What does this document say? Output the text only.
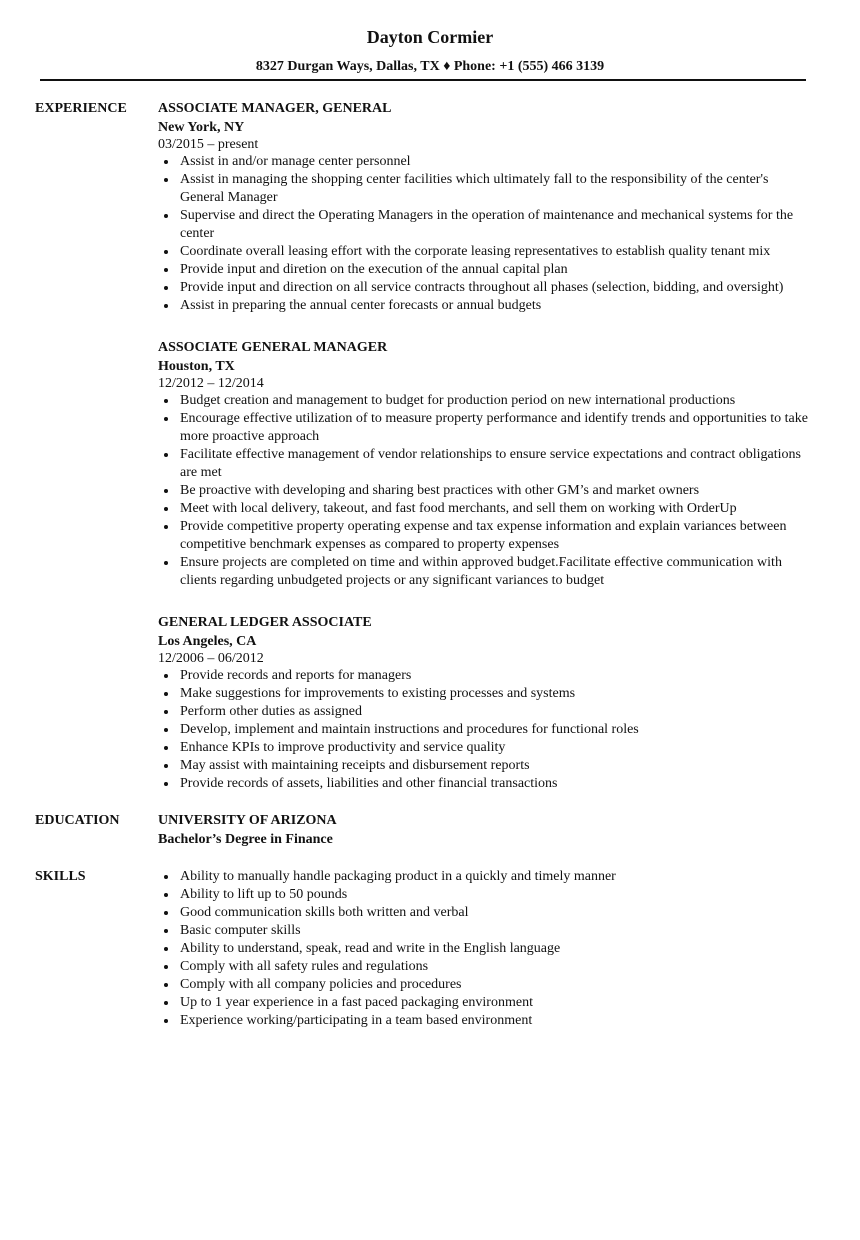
Dayton Cormier
8327 Durgan Ways, Dallas, TX ♦ Phone: +1 (555) 466 3139
EXPERIENCE ASSOCIATE MANAGER, GENERAL
New York, NY
03/2015 – present
Assist in and/or manage center personnel
Assist in managing the shopping center facilities which ultimately fall to the responsibility of the center's General Manager
Supervise and direct the Operating Managers in the operation of maintenance and mechanical systems for the center
Coordinate overall leasing effort with the corporate leasing representatives to establish quality tenant mix
Provide input and diretion on the execution of the annual capital plan
Provide input and direction on all service contracts throughout all phases (selection, bidding, and oversight)
Assist in preparing the annual center forecasts or annual budgets
ASSOCIATE GENERAL MANAGER
Houston, TX
12/2012 – 12/2014
Budget creation and management to budget for production period on new international productions
Encourage effective utilization of to measure property performance and identify trends and opportunities to take more proactive approach
Facilitate effective management of vendor relationships to ensure service expectations and contract obligations are met
Be proactive with developing and sharing best practices with other GM’s and market owners
Meet with local delivery, takeout, and fast food merchants, and sell them on working with OrderUp
Provide competitive property operating expense and tax expense information and explain variances between competitive benchmark expenses as compared to property expenses
Ensure projects are completed on time and within approved budget.Facilitate effective communication with clients regarding unbudgeted projects or any significant variances to budget
GENERAL LEDGER ASSOCIATE
Los Angeles, CA
12/2006 – 06/2012
Provide records and reports for managers
Make suggestions for improvements to existing processes and systems
Perform other duties as assigned
Develop, implement and maintain instructions and procedures for functional roles
Enhance KPIs to improve productivity and service quality
May assist with maintaining receipts and disbursement reports
Provide records of assets, liabilities and other financial transactions
EDUCATION	UNIVERSITY OF ARIZONA
Bachelor’s Degree in Finance
SKILLS	Ability to manually handle packaging product in a quickly and timely manner
Ability to lift up to 50 pounds
Good communication skills both written and verbal
Basic computer skills
Ability to understand, speak, read and write in the English language
Comply with all safety rules and regulations
Comply with all company policies and procedures
Up to 1 year experience in a fast paced packaging environment
Experience working/participating in a team based environment
